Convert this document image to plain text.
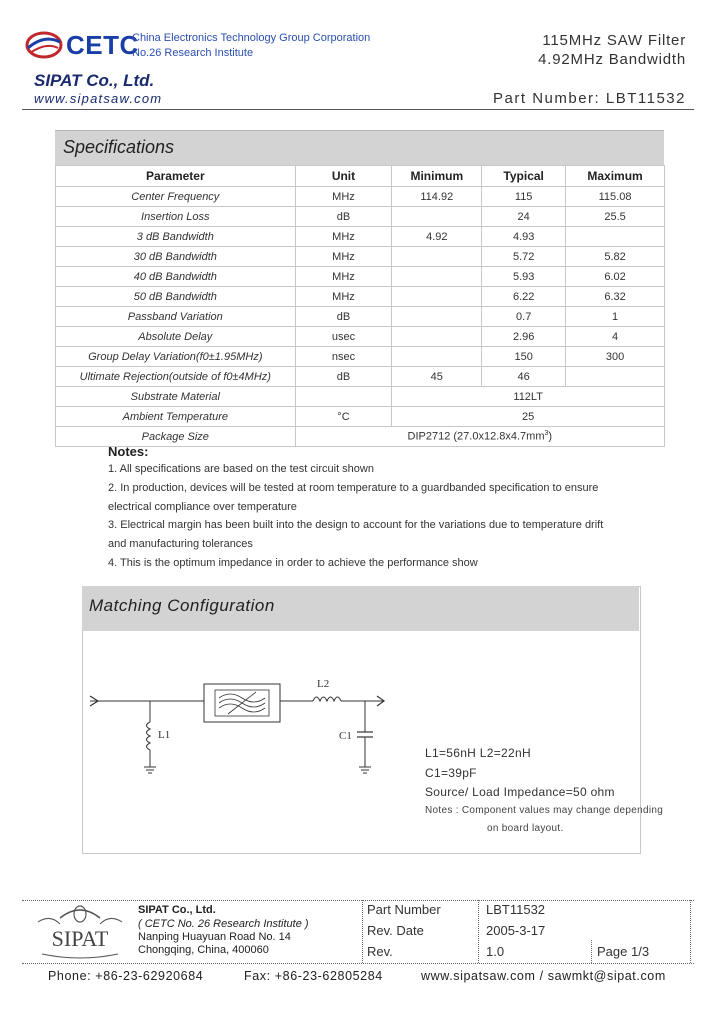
CETC
China Electronics Technology Group Corporation
No.26 Research Institute
SIPAT Co., Ltd.
www.sipatsaw.com
115MHz SAW Filter
4.92MHz Bandwidth
Part Number: LBT11532
Specifications
Parameter	Unit	Minimum	Typical	Maximum
Center Frequency	MHz	114.92	115	115.08
Insertion Loss	dB		24	25.5
3 dB Bandwidth	MHz	4.92	4.93	
30 dB Bandwidth	MHz		5.72	5.82
40 dB Bandwidth	MHz		5.93	6.02
50 dB Bandwidth	MHz		6.22	6.32
Passband Variation	dB		0.7	1
Absolute Delay	usec		2.96	4
Group Delay Variation(f0±1.95MHz)	nsec		150	300
Ultimate Rejection(outside of f0±4MHz)	dB	45	46	
Substrate Material		112LT		
Ambient Temperature	°C	25		
Package Size	DIP2712 $(27.0x12.8x4.7mm^3)$			
Notes:
1. All specifications are based on the test circuit shown
2. In production, devices will be tested at room temperature to a guardbanded specification to ensure
electrical compliance over temperature
3. Electrical margin has been built into the design to account for the variations due to temperature drift
and manufacturing tolerances
4. This is the optimum impedance in order to achieve the performance show
Matching Configuration
L1
L2
C1
L1=56nH L2=22nH
C1=39pF
Source/ Load Impedance=50 ohm
Notes : Component values may change depending
on board layout.
SIPAT
SIPAT Co., Ltd.
( CETC No. 26 Research Institute )
Nanping Huayuan Road No. 14
Chongqing, China, 400060
Part Number	LBT11532
Rev. Date	2005-3-17
Rev.	1.0	Page 1/3
Phone: +86-23-62920684	Fax: +86-23-62805284	www.sipatsaw.com / sawmkt@sipat.com
